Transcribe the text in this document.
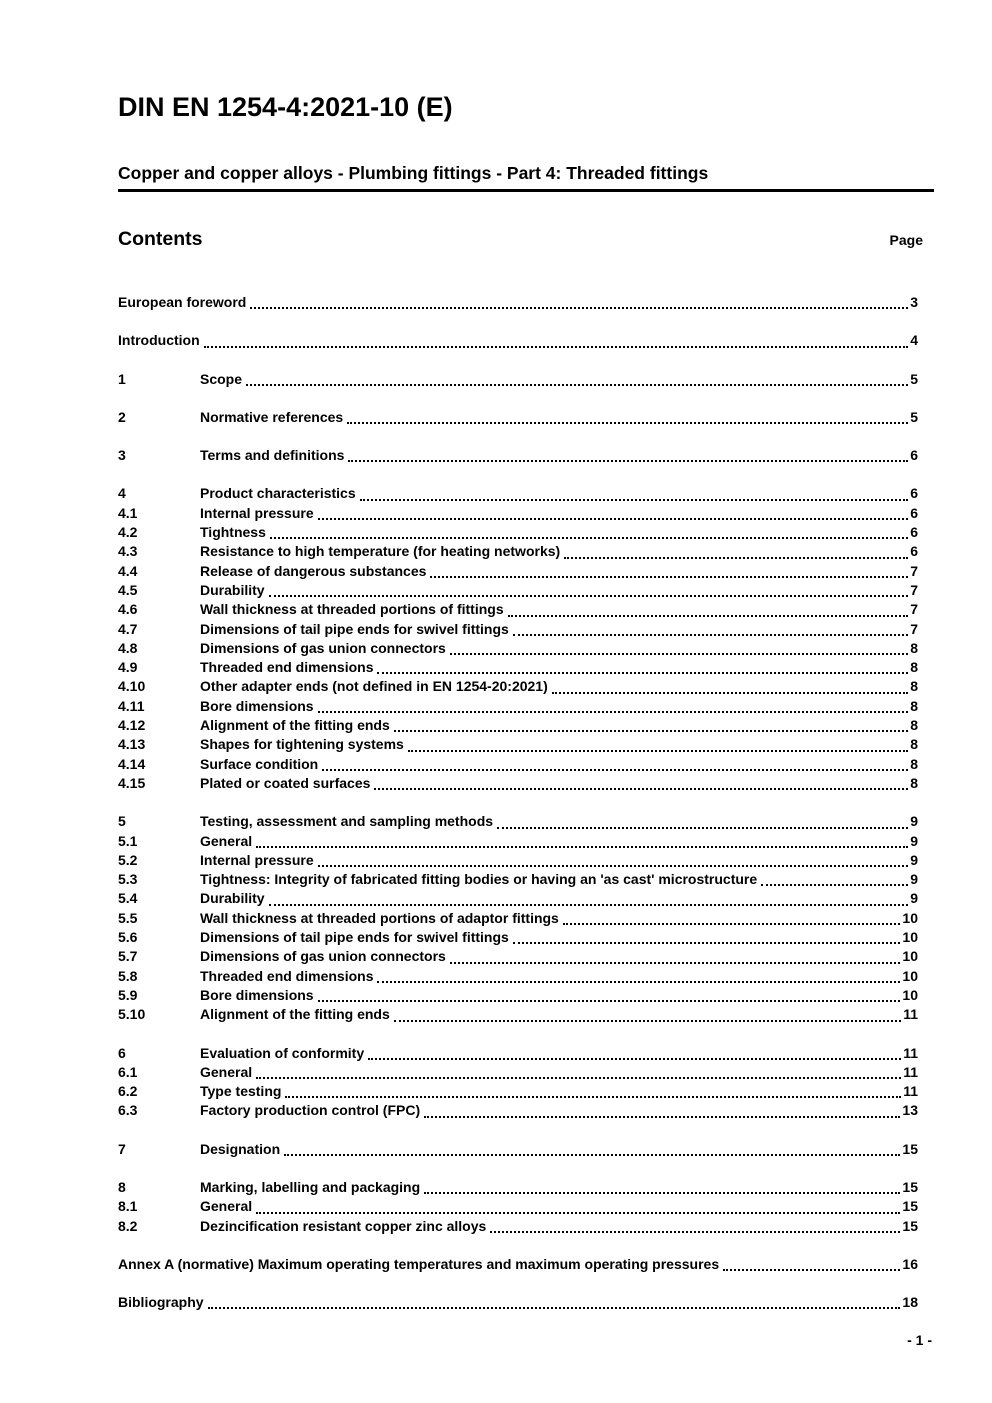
DIN EN 1254-4:2021-10 (E)
Copper and copper alloys - Plumbing fittings - Part 4: Threaded fittings
Contents	Page
European foreword	3
Introduction	4
1	Scope	5
2	Normative references	5
3	Terms and definitions	6
4	Product characteristics	6
4.1	Internal pressure	6
4.2	Tightness	6
4.3	Resistance to high temperature (for heating networks)	6
4.4	Release of dangerous substances	7
4.5	Durability	7
4.6	Wall thickness at threaded portions of fittings	7
4.7	Dimensions of tail pipe ends for swivel fittings	7
4.8	Dimensions of gas union connectors	8
4.9	Threaded end dimensions	8
4.10	Other adapter ends (not defined in EN 1254-20:2021)	8
4.11	Bore dimensions	8
4.12	Alignment of the fitting ends	8
4.13	Shapes for tightening systems	8
4.14	Surface condition	8
4.15	Plated or coated surfaces	8
5	Testing, assessment and sampling methods	9
5.1	General	9
5.2	Internal pressure	9
5.3	Tightness: Integrity of fabricated fitting bodies or having an 'as cast' microstructure	9
5.4	Durability	9
5.5	Wall thickness at threaded portions of adaptor fittings	10
5.6	Dimensions of tail pipe ends for swivel fittings	10
5.7	Dimensions of gas union connectors	10
5.8	Threaded end dimensions	10
5.9	Bore dimensions	10
5.10	Alignment of the fitting ends	11
6	Evaluation of conformity	11
6.1	General	11
6.2	Type testing	11
6.3	Factory production control (FPC)	13
7	Designation	15
8	Marking, labelling and packaging	15
8.1	General	15
8.2	Dezincification resistant copper zinc alloys	15
Annex A (normative) Maximum operating temperatures and maximum operating pressures	16
Bibliography	18
- 1 -
